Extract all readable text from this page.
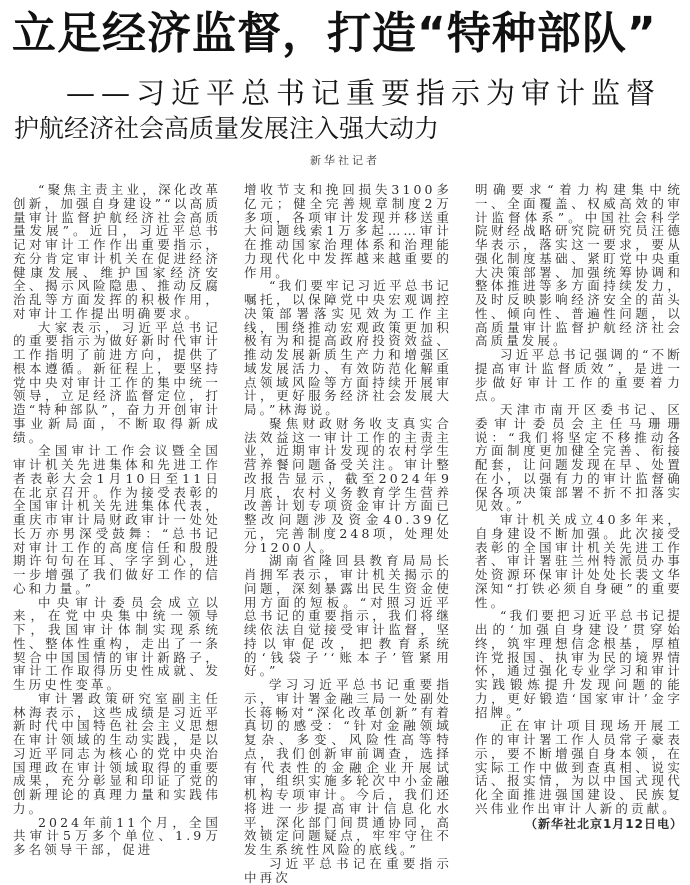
立足经济监督，打造“特种部队”
——习近平总书记重要指示为审计监督
护航经济社会高质量发展注入强大动力
新华社记者

“聚焦主责主业，深化改革创新，加强自身建设”“以高质量审计监督护航经济社会高质量发展”。近日，习近平总书记对审计工作作出重要指示，充分肯定审计机关在促进经济健康发展、维护国家经济安全、揭示风险隐患、推动反腐治乱等方面发挥的积极作用，对审计工作提出明确要求。

大家表示，习近平总书记的重要指示为做好新时代审计工作指明了前进方向，提供了根本遵循。新征程上，要坚持党中央对审计工作的集中统一领导，立足经济监督定位，打造“特种部队”，奋力开创审计事业新局面，不断取得新成绩。

全国审计工作会议暨全国审计机关先进集体和先进工作者表彰大会1月10日至11日在北京召开。作为接受表彰的全国审计机关先进集体代表，重庆市审计局财政审计一处处长万亦男深受鼓舞：“总书记对审计工作的高度信任和殷殷期许句句在耳、字字到心，进一步增强了我们做好工作的信心和力量。”

中央审计委员会成立以来，在党中央集中统一领导下，我国审计体制实现系统性、整体性重构，走出了一条契合中国国情的审计新路子，审计工作取得历史性成就、发生历史性变革。

审计署政策研究室副主任林海表示，这些成绩是习近平新时代中国特色社会主义思想在审计领域的生动实践，是以习近平同志为核心的党中央治国理政在审计领域取得的重要成果，充分彰显和印证了党的创新理论的真理力量和实践伟力。

2024年前11个月，全国共审计5万多个单位、1.9万多名领导干部，促进

增收节支和挽回损失3100多亿元；健全完善规章制度2万多项，各项审计发现并移送重大问题线索1万多起……审计在推动国家治理体系和治理能力现代化中发挥越来越重要的作用。

“我们要牢记习近平总书记嘱托，以保障党中央宏观调控决策部署落实见效为工作主线，围绕推动宏观政策更加积极有为和提高政府投资效益、推动发展新质生产力和增强区域发展活力、有效防范化解重点领域风险等方面持续开展审计，更好服务经济社会发展大局。”林海说。

聚焦财政财务收支真实合法效益这一审计工作的主责主业，近期审计发现的农村学生营养餐问题备受关注。审计整改报告显示，截至2024年9月底，农村义务教育学生营养改善计划专项资金审计方面已整改问题涉及资金40.39亿元，完善制度248项，处理处分1200人。

湖南省隆回县教育局局长肖拥军表示，审计机关揭示的问题，深刻暴露出民生资金使用方面的短板。“对照习近平总书记的重要指示，我们将继续依法自觉接受审计监督，坚持以审促改，把教育系统的‘钱袋子’‘账本子’管紧用好。”

学习习近平总书记重要指示，审计署金融三局一处副处长蒋畅对“深化改革创新”有着真切的感受：“针对金融领域复杂、多变、风险性高等特点，我们创新审前调查，选择有代表性的金融企业开展试审，组织实施多轮次中小金融机构专项审计。今后，我们还将进一步提高审计信息化水平，深化部门间贯通协同，高效锁定问题疑点，牢牢守住不发生系统性风险的底线。”

习近平总书记在重要指示中再次

明确要求“着力构建集中统一、全面覆盖、权威高效的审计监督体系”。中国社会科学院财经战略研究院研究员汪德华表示，落实这一要求，要从强化制度基础、紧盯党中央重大决策部署、加强统筹协调和整体推进等多方面持续发力，及时反映影响经济安全的苗头性、倾向性、普遍性问题，以高质量审计监督护航经济社会高质量发展。

习近平总书记强调的“不断提高审计监督质效”，是进一步做好审计工作的重要着力点。

天津市南开区委书记、区委审计委员会主任马珊珊说：“我们将坚定不移推动各方面制度更加健全完善、衔接配套，让问题发现在早、处置在小，以强有力的审计监督确保各项决策部署不折不扣落实见效。”

审计机关成立40多年来，自身建设不断加强。此次接受表彰的全国审计机关先进工作者、审计署驻兰州特派员办事处资源环保审计处处长裴文华深知“打铁必须自身硬”的重要性。

“我们要把习近平总书记提出的‘加强自身建设’贯穿始终，筑牢理想信念根基，厚植许党报国、执审为民的境界情怀，通过强化专业学习和审计实践锻炼提升发现问题的能力，更好锻造‘国家审计’金字招牌。”

正在审计项目现场开展工作的审计署工作人员常子豪表示，要不断增强自身本领，在实际工作中做到查真相、说实话、报实情，为以中国式现代化全面推进强国建设、民族复兴伟业作出审计人新的贡献。

（新华社北京1月12日电）
